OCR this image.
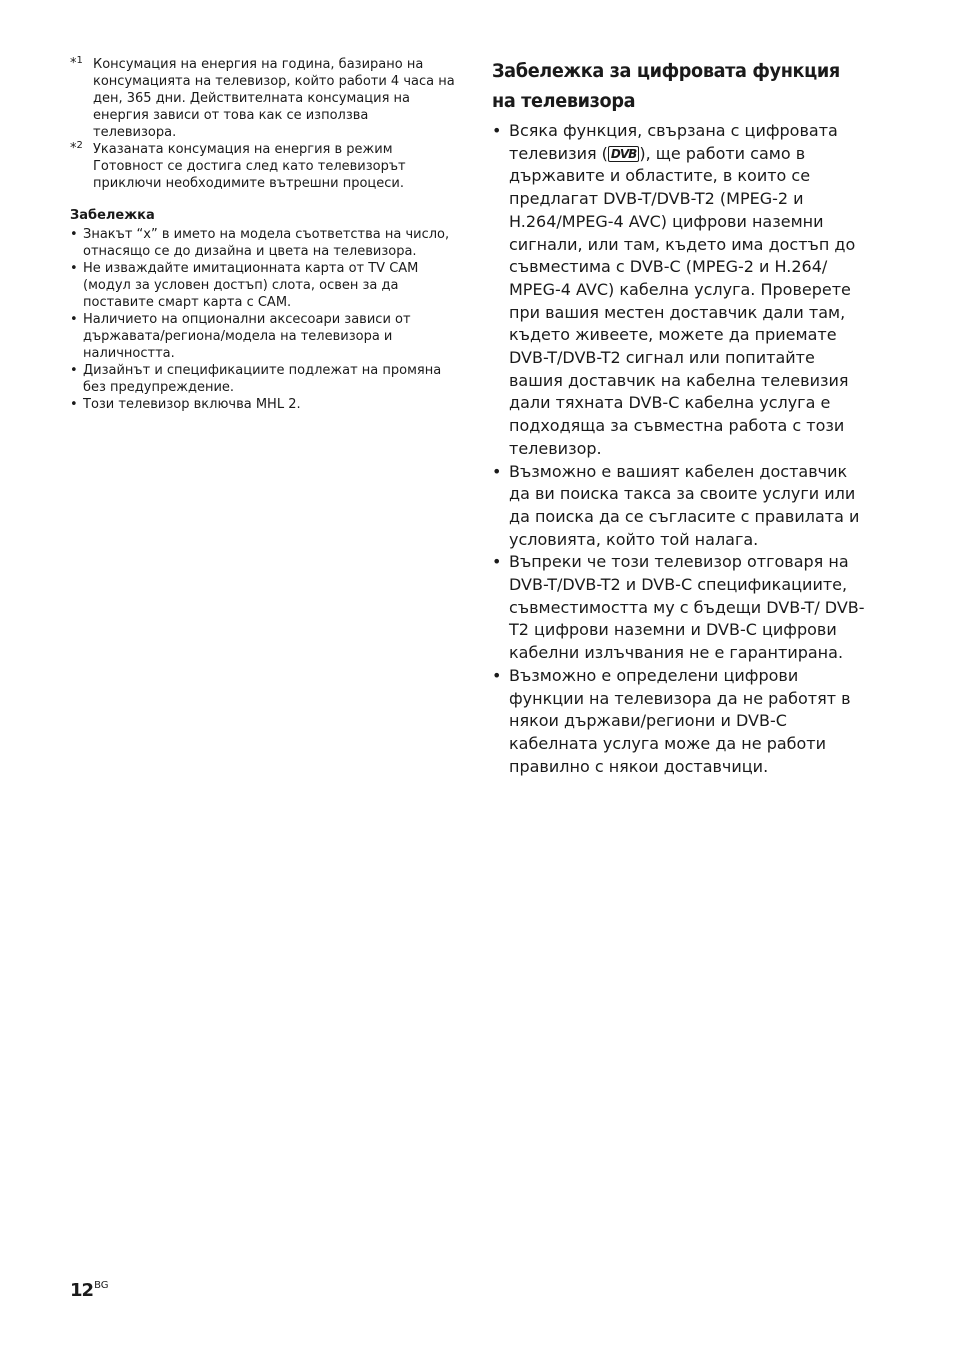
*$^1$ Консумация на енергия на година, базирано на консумацията на телевизор, който работи 4 часа на ден, 365 дни. Действителната консумация на енергия зависи от това как се използва телевизора.

*$^2$ Указаната консумация на енергия в режим Готовност се достига след като телевизорът приключи необходимите вътрешни процеси.

Забележка
• Знакът “x” в името на модела съответства на число, отнасящо се до дизайна и цвета на телевизора.
• Не изваждайте имитационната карта от TV CAM (модул за условен достъп) слота, освен за да поставите смарт карта с CAM.
• Наличието на опционални аксесоари зависи от държавата/региона/модела на телевизора и наличността.
• Дизайнът и спецификациите подлежат на промяна без предупреждение.
• Този телевизор включва MHL 2.
Забележка за цифровата функция на телевизора
• Всяка функция, свързана с цифровата телевизия ( DVB ), ще работи само в държавите и областите, в които се предлагат DVB-T/DVB-T2 (MPEG-2 и H.264/MPEG-4 AVC) цифрови наземни сигнали, или там, където има достъп до съвместима с DVB-C (MPEG-2 и H.264/ MPEG-4 AVC) кабелна услуга. Проверете при вашия местен доставчик дали там, където живеете, можете да приемате DVB-T/DVB-T2 сигнал или попитайте вашия доставчик на кабелна телевизия дали тяхната DVB-C кабелна услуга е подходяща за съвместна работа с този телевизор.
• Възможно е вашият кабелен доставчик да ви поиска такса за своите услуги или да поиска да се съгласите с правилата и условията, който той налага.
• Въпреки че този телевизор отговаря на DVB-T/DVB-T2 и DVB-C спецификациите, съвместимостта му с бъдещи DVB-T/ DVB-T2 цифрови наземни и DVB-C цифрови кабелни излъчвания не е гарантирана.
• Възможно е определени цифрови функции на телевизора да не работят в някои държави/региони и DVB-C кабелната услуга може да не работи правилно с някои доставчици.
$12^{BG}$
